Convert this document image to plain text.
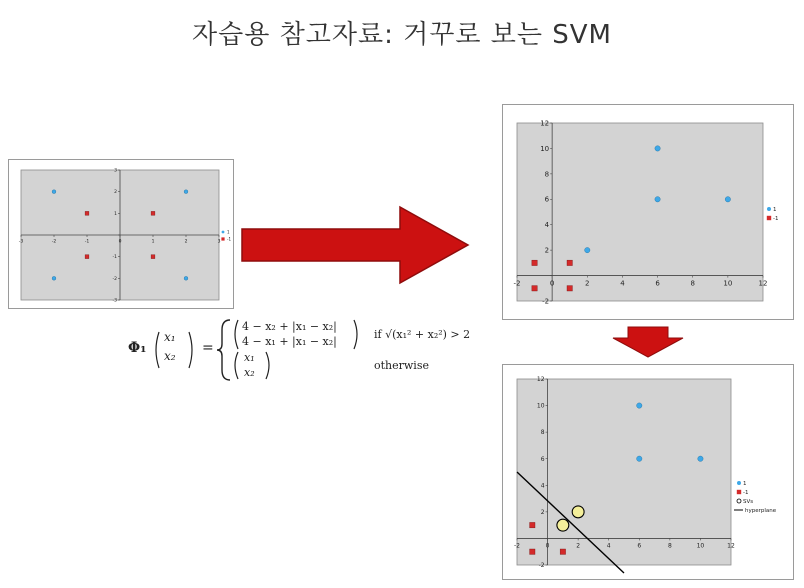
자습용 참고자료: 거꾸로 보는 SVM
-3	-2	-1	0	1	2	3
-3
-2
-1
1
2
3
1
-1
-2	0	2	4	6	8	10	12
-2
2
4
6
8
10
12
1
-1
-2	0	2	4	6	8	10	12
-2
2
4
6
8
10
12
1
-1
SVs
hyperplane
Φ₁
x₁
x₂ =
4 − x₂ + |x₁ − x₂|
4 − x₁ + |x₁ − x₂|
if √(x₁² + x₂²) > 2
x₁
x₂
otherwise
